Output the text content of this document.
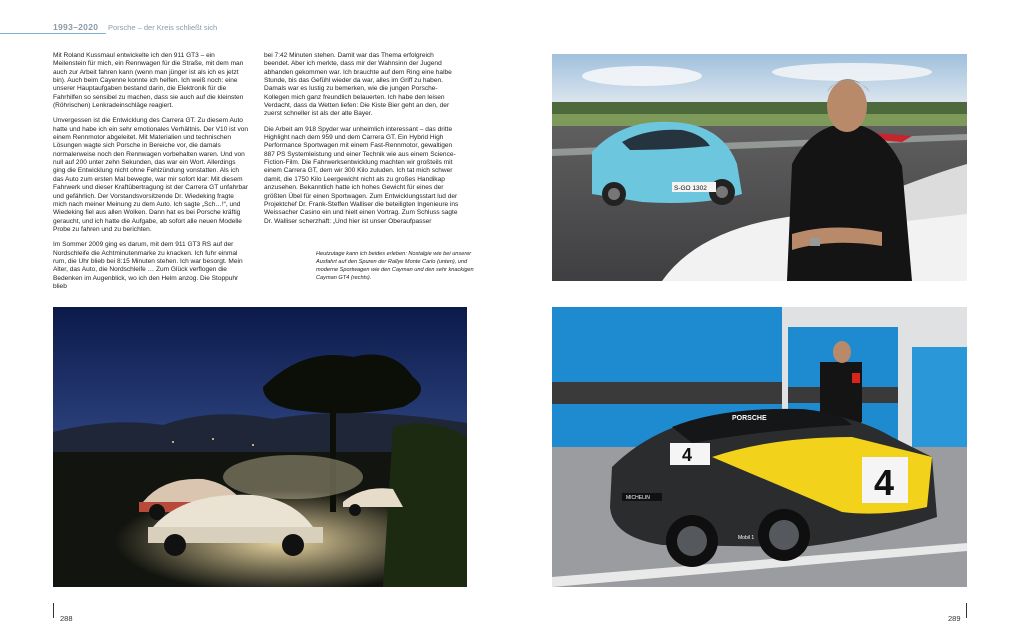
1993–2020 Porsche – der Kreis schließt sich

Mit Roland Kussmaul entwickelte ich den 911 GT3 – ein Meilenstein für mich, ein Rennwagen für die Straße, mit dem man auch zur Arbeit fahren kann (wenn man jünger ist als ich es jetzt bin). Auch beim Cayenne konnte ich helfen. Ich weiß noch: eine unserer Hauptaufgaben bestand darin, die Elektronik für die Fahrhilfen so sensibel zu machen, dass sie auch auf die kleinsten (Röhrischen) Lenkradeinschläge reagiert.

Unvergessen ist die Entwicklung des Carrera GT. Zu diesem Auto hatte und habe ich ein sehr emotionales Verhältnis. Der V10 ist von einem Rennmotor abgeleitet. Mit Materialien und technischen Lösungen wagte sich Porsche in Bereiche vor, die damals normalerweise noch den Rennwagen vorbehalten waren. Und von null auf 200 unter zehn Sekunden, das war ein Wort. Allerdings ging die Entwicklung nicht ohne Fehlzündung vonstatten. Als ich das Auto zum ersten Mal bewegte, war mir sofort klar: Mit diesem Fahrwerk und dieser Kraftübertragung ist der Carrera GT unfahrbar und gefährlich. Der Vorstandsvorsitzende Dr. Wiedeking fragte mich nach meiner Meinung zu dem Auto. Ich sagte „Sch…!“, und Wiedeking fiel aus allen Wolken. Dann hat es bei Porsche kräftig geraucht, und ich hatte die Aufgabe, ab sofort alle neuen Modelle Probe zu fahren und zu berichten.

Im Sommer 2009 ging es darum, mit dem 911 GT3 RS auf der Nordschleife die Achtminutenmarke zu knacken. Ich fuhr einmal rum, die Uhr blieb bei 8:15 Minuten stehen. Ich war besorgt. Mein Alter, das Auto, die Nordschleife … Zum Glück verflogen die Bedenken im Augenblick, wo ich den Helm anzog. Die Stoppuhr blieb

bei 7:42 Minuten stehen. Damit war das Thema erfolgreich beendet. Aber ich merkte, dass mir der Wahnsinn der Jugend abhanden gekommen war. Ich brauchte auf dem Ring eine halbe Stunde, bis das Gefühl wieder da war, alles im Griff zu haben. Damals war es lustig zu bemerken, wie die jungen Porsche-Kollegen mich ganz freundlich belauerten. Ich habe den leisen Verdacht, dass da Wetten liefen: Die Kiste Bier geht an den, der zuerst schneller ist als der alte Bayer.

Die Arbeit am 918 Spyder war unheimlich interessant – das dritte Highlight nach dem 959 und dem Carrera GT. Ein Hybrid High Performance Sportwagen mit einem Fast-Rennmotor, gewaltigen 887 PS Systemleistung und einer Technik wie aus einem Science-Fiction-Film. Die Fahrwerksentwicklung machten wir großteils mit einem Carrera GT, dem wir 300 Kilo zuluden. Ich tat mich schwer damit, die 1750 Kilo Leergewicht nicht als zu großes Handikap anzusehen. Bekanntlich hatte ich hohes Gewicht für eines der größten Übel für einen Sportwagen. Zum Entwicklungsstart lud der Projektchef Dr. Frank-Steffen Walliser die beteiligten Ingenieure ins Weissacher Casino ein und hielt einen Vortrag. Zum Schluss sagte Dr. Walliser scherzhaft: „Und hier ist unser Oberaufpasser

Heutzutage kann ich beides erleben: Nostalgie wie bei unserer Ausfahrt auf den Spuren der Rallye Monte Carlo (unten), und moderne Sportwagen wie den Cayman und den sehr knackigen Cayman GT4 (rechts).
S-GO 1302
4
4
PORSCHE
MICHELIN
Mobil 1
288	289
